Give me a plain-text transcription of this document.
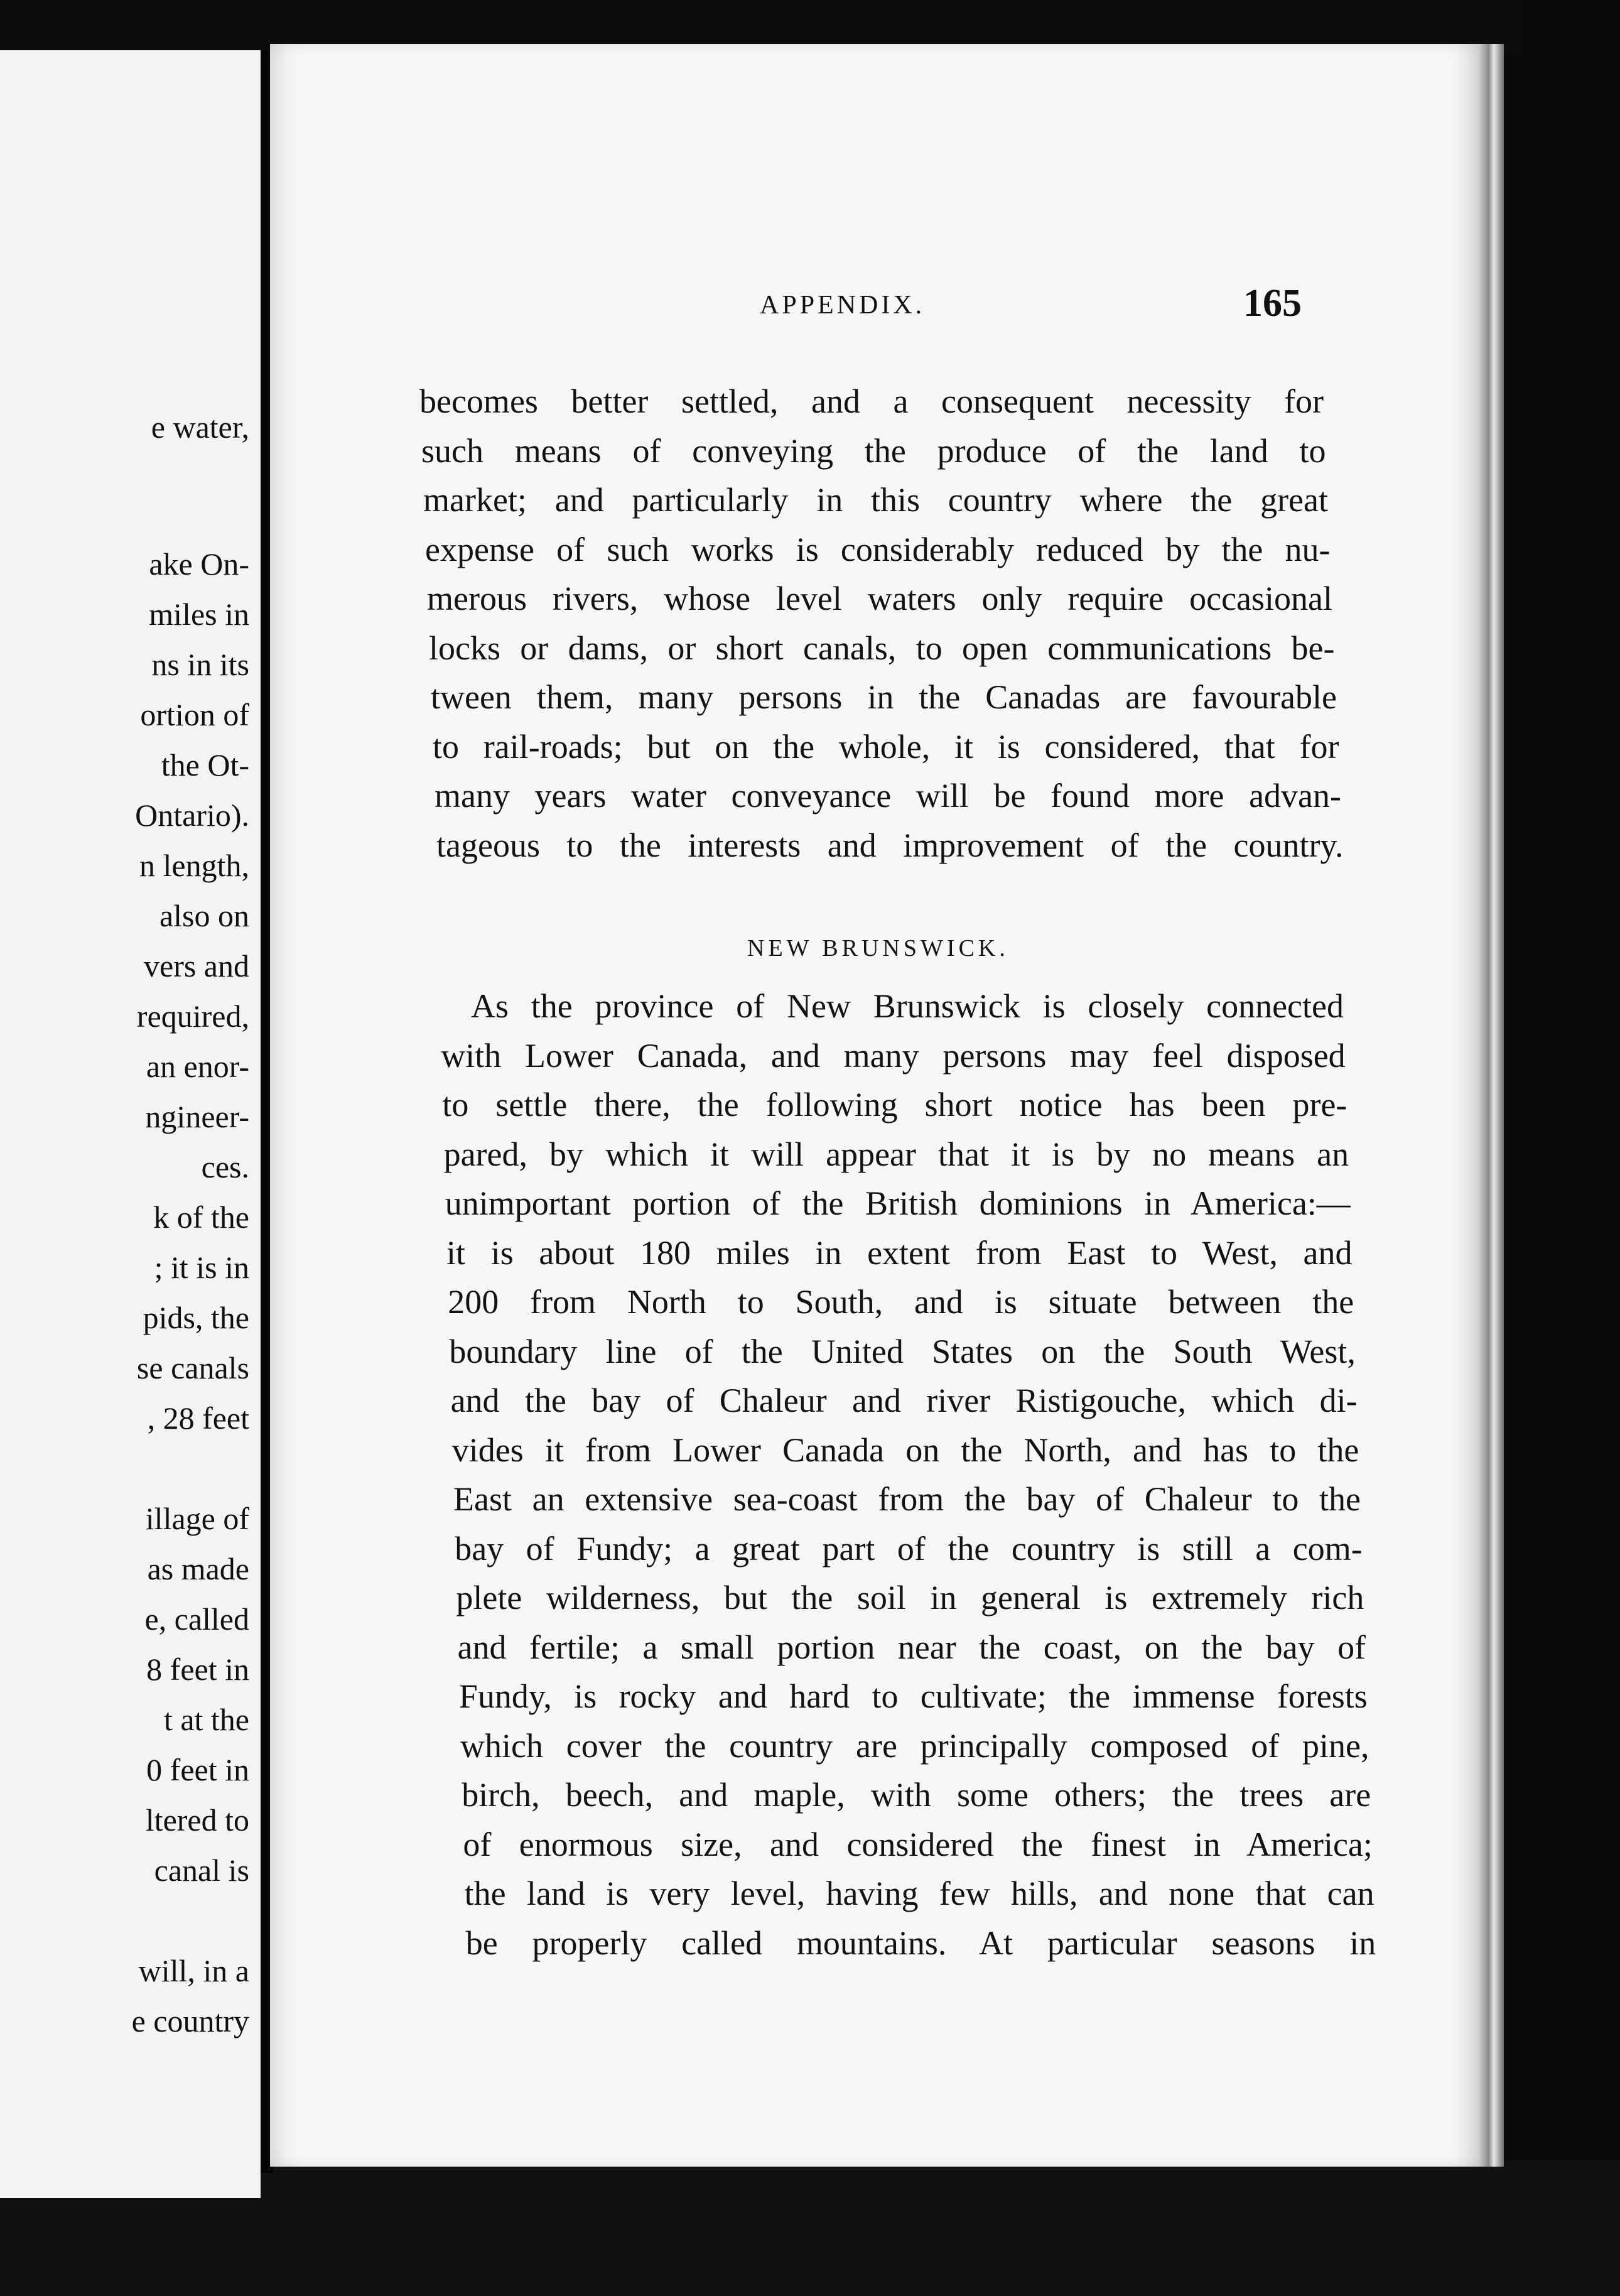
e water,
ake On-
miles in
ns in its
ortion of
the Ot-
Ontario).
n length,
also on
vers and
required,
an enor-
ngineer-
ces.
k of the
; it is in
pids, the
se canals
, 28 feet
illage of
as made
e, called
8 feet in
t at the
0 feet in
ltered to
canal is
will, in a
e country
APPENDIX.	165
becomes better settled, and a consequent necessity for
such means of conveying the produce of the land to
market; and particularly in this country where the great
expense of such works is considerably reduced by the nu-
merous rivers, whose level waters only require occasional
locks or dams, or short canals, to open communications be-
tween them, many persons in the Canadas are favourable
to rail-roads; but on the whole, it is considered, that for
many years water conveyance will be found more advan-
tageous to the interests and improvement of the country.
NEW BRUNSWICK.
As the province of New Brunswick is closely connected
with Lower Canada, and many persons may feel disposed
to settle there, the following short notice has been pre-
pared, by which it will appear that it is by no means an
unimportant portion of the British dominions in America:—
it is about 180 miles in extent from East to West, and
200 from North to South, and is situate between the
boundary line of the United States on the South West,
and the bay of Chaleur and river Ristigouche, which di-
vides it from Lower Canada on the North, and has to the
East an extensive sea-coast from the bay of Chaleur to the
bay of Fundy; a great part of the country is still a com-
plete wilderness, but the soil in general is extremely rich
and fertile; a small portion near the coast, on the bay of
Fundy, is rocky and hard to cultivate; the immense forests
which cover the country are principally composed of pine,
birch, beech, and maple, with some others; the trees are
of enormous size, and considered the finest in America;
the land is very level, having few hills, and none that can
be properly called mountains. At particular seasons in
